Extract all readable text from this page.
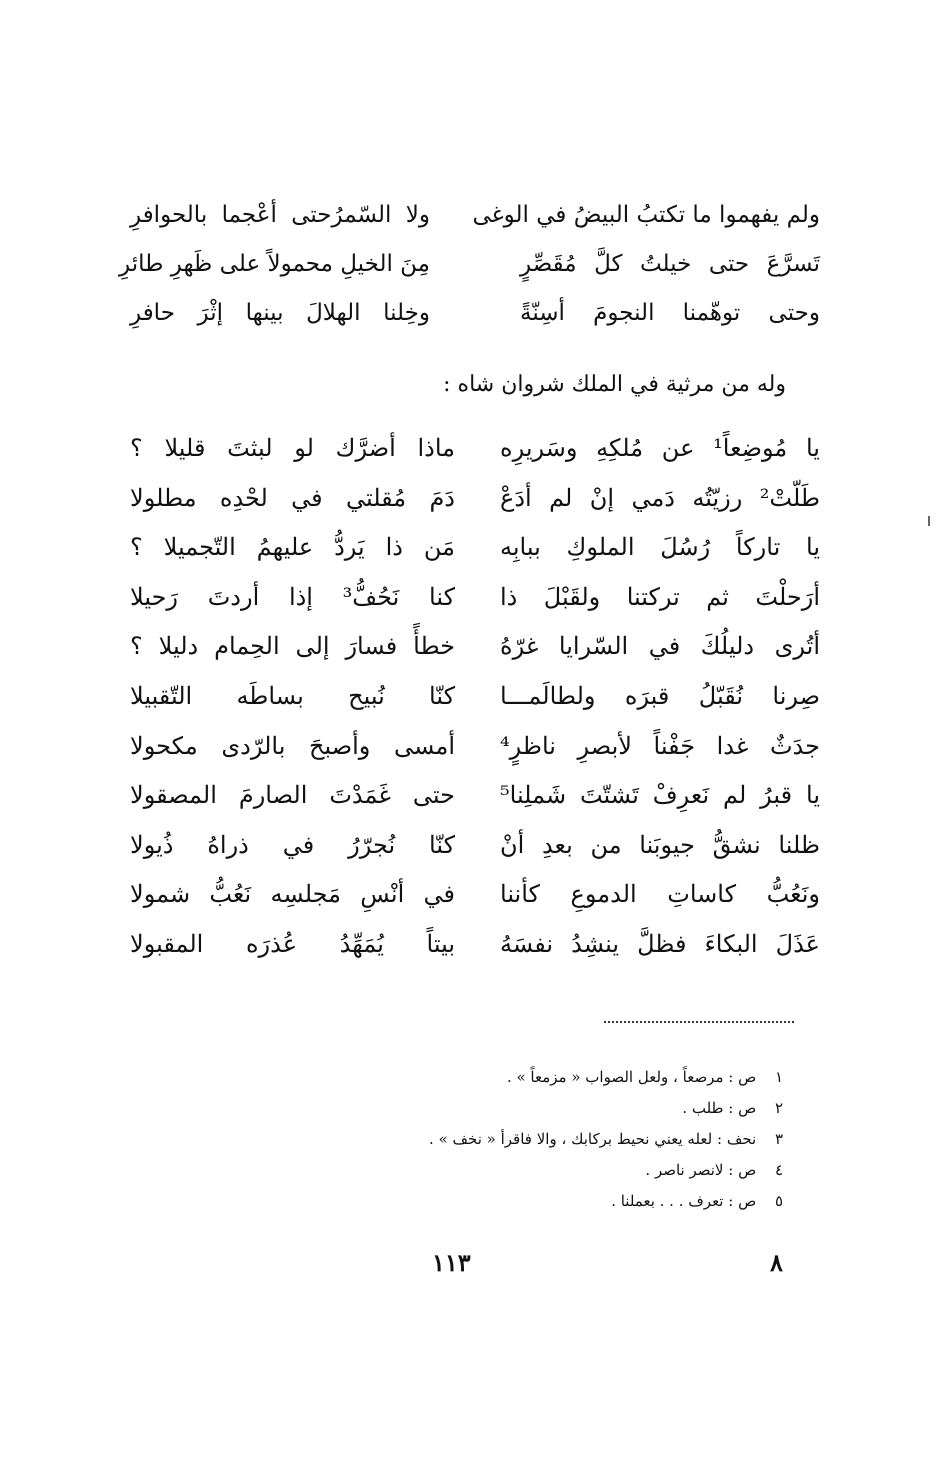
ولم يفهموا ما تكتبُ البيضُ في الوغى
ولا السّمرُحتى أعْجما بالحوافرِ
تَسرَّعَ حتى خيلتُ كلَّ مُقَصِّرٍ
مِنَ الخيلِ محمولاً على ظَهرِ طائرِ
وحتى توهّمنا النجومَ أسِنّةً
وخِلنا الهلالَ بينها إثْرَ حافرِ
وله من مرثية في الملك شروان شاه :
يا مُوضِعاً¹ عن مُلكِهِ وسَريرِه
ماذا أضرَّك لو لبثتَ قليلا ؟
طَلّتْ² رزيّتُه دَمي إنْ لم أدَعْ
دَمَ مُقلتي في لحْدِه مطلولا
يا تاركاً رُسُلَ الملوكِ ببابِه
مَن ذا يَردُّ عليهمُ التّجميلا ؟
أرَحلْتَ ثم تركتنا ولقَبْلَ ذا
كنا نَحُفُّ³ إذا أردتَ رَحيلا
أتُرى دليلُكَ في السّرايا غرّهُ
خطأً فسارَ إلى الحِمام دليلا ؟
صِرنا نُقَبّلُ قبرَه ولطالَمـــا
كنّا نُبيح بساطَه التّقبيلا
جدَثٌ غدا جَفْناً لأبصرِ ناظرٍ⁴
أمسى وأصبحَ بالرّدى مكحولا
يا قبرُ لم نَعرِفْ تَشتّتَ شَملِنا⁵
حتى غَمَدْتَ الصارمَ المصقولا
ظلنا نشقُّ جيوبَنا من بعدِ أنْ
كنّا نُجرّرُ في ذراهُ ذُيولا
ونَعُبُّ كاساتِ الدموعِ كأننا
في أنْسِ مَجلسِه نَعُبُّ شمولا
عَذَلَ البكاءَ فظلَّ ينشِدُ نفسَهُ
بيتاً يُمَهِّدُ عُذرَه المقبولا
١ ص : مرصعاً ، ولعل الصواب « مزمعاً » .
٢ ص : طلب .
٣ نحف : لعله يعني نحيط بركابك ، والا فاقرأ « نخف » .
٤ ص : لانصر ناصر .
٥ ص : تعرف . . . بعملنا .
١١٣	٨
